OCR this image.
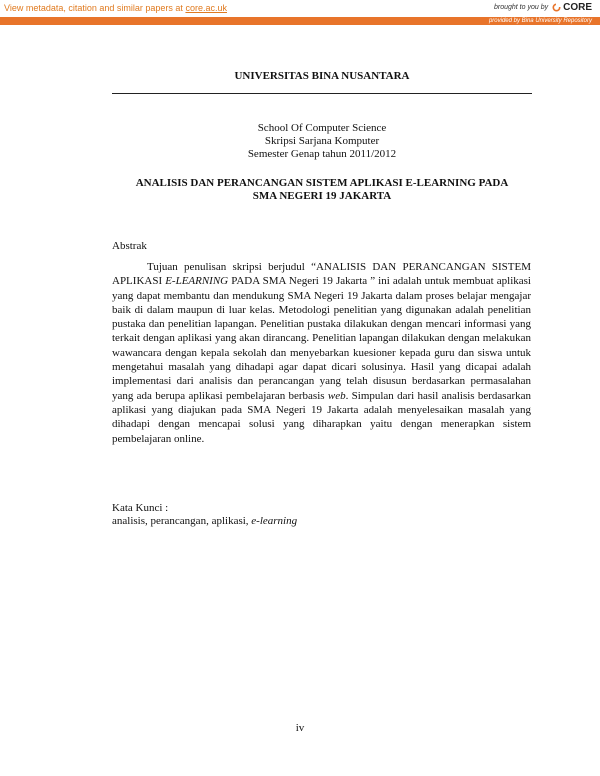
View metadata, citation and similar papers at core.ac.uk	brought to you by CORE
provided by Bina University Repository
UNIVERSITAS BINA NUSANTARA
School Of Computer Science
Skripsi Sarjana Komputer
Semester Genap tahun 2011/2012
ANALISIS DAN PERANCANGAN SISTEM APLIKASI E-LEARNING PADA
SMA NEGERI 19 JAKARTA
Abstrak
Tujuan penulisan skripsi berjudul “ANALISIS DAN PERANCANGAN SISTEM APLIKASI E-LEARNING PADA SMA Negeri 19 Jakarta ” ini adalah untuk membuat aplikasi yang dapat membantu dan mendukung SMA Negeri 19 Jakarta dalam proses belajar mengajar baik di dalam maupun di luar kelas. Metodologi penelitian yang digunakan adalah penelitian pustaka dan penelitian lapangan. Penelitian pustaka dilakukan dengan mencari informasi yang terkait dengan aplikasi yang akan dirancang. Penelitian lapangan dilakukan dengan melakukan wawancara dengan kepala sekolah dan menyebarkan kuesioner kepada guru dan siswa untuk mengetahui masalah yang dihadapi agar dapat dicari solusinya. Hasil yang dicapai adalah implementasi dari analisis dan perancangan yang telah disusun berdasarkan permasalahan yang ada berupa aplikasi pembelajaran berbasis web. Simpulan dari hasil analisis berdasarkan aplikasi yang diajukan pada SMA Negeri 19 Jakarta adalah menyelesaikan masalah yang dihadapi dengan mencapai solusi yang diharapkan yaitu dengan menerapkan sistem pembelajaran online.
Kata Kunci :
analisis, perancangan, aplikasi, e-learning
iv
